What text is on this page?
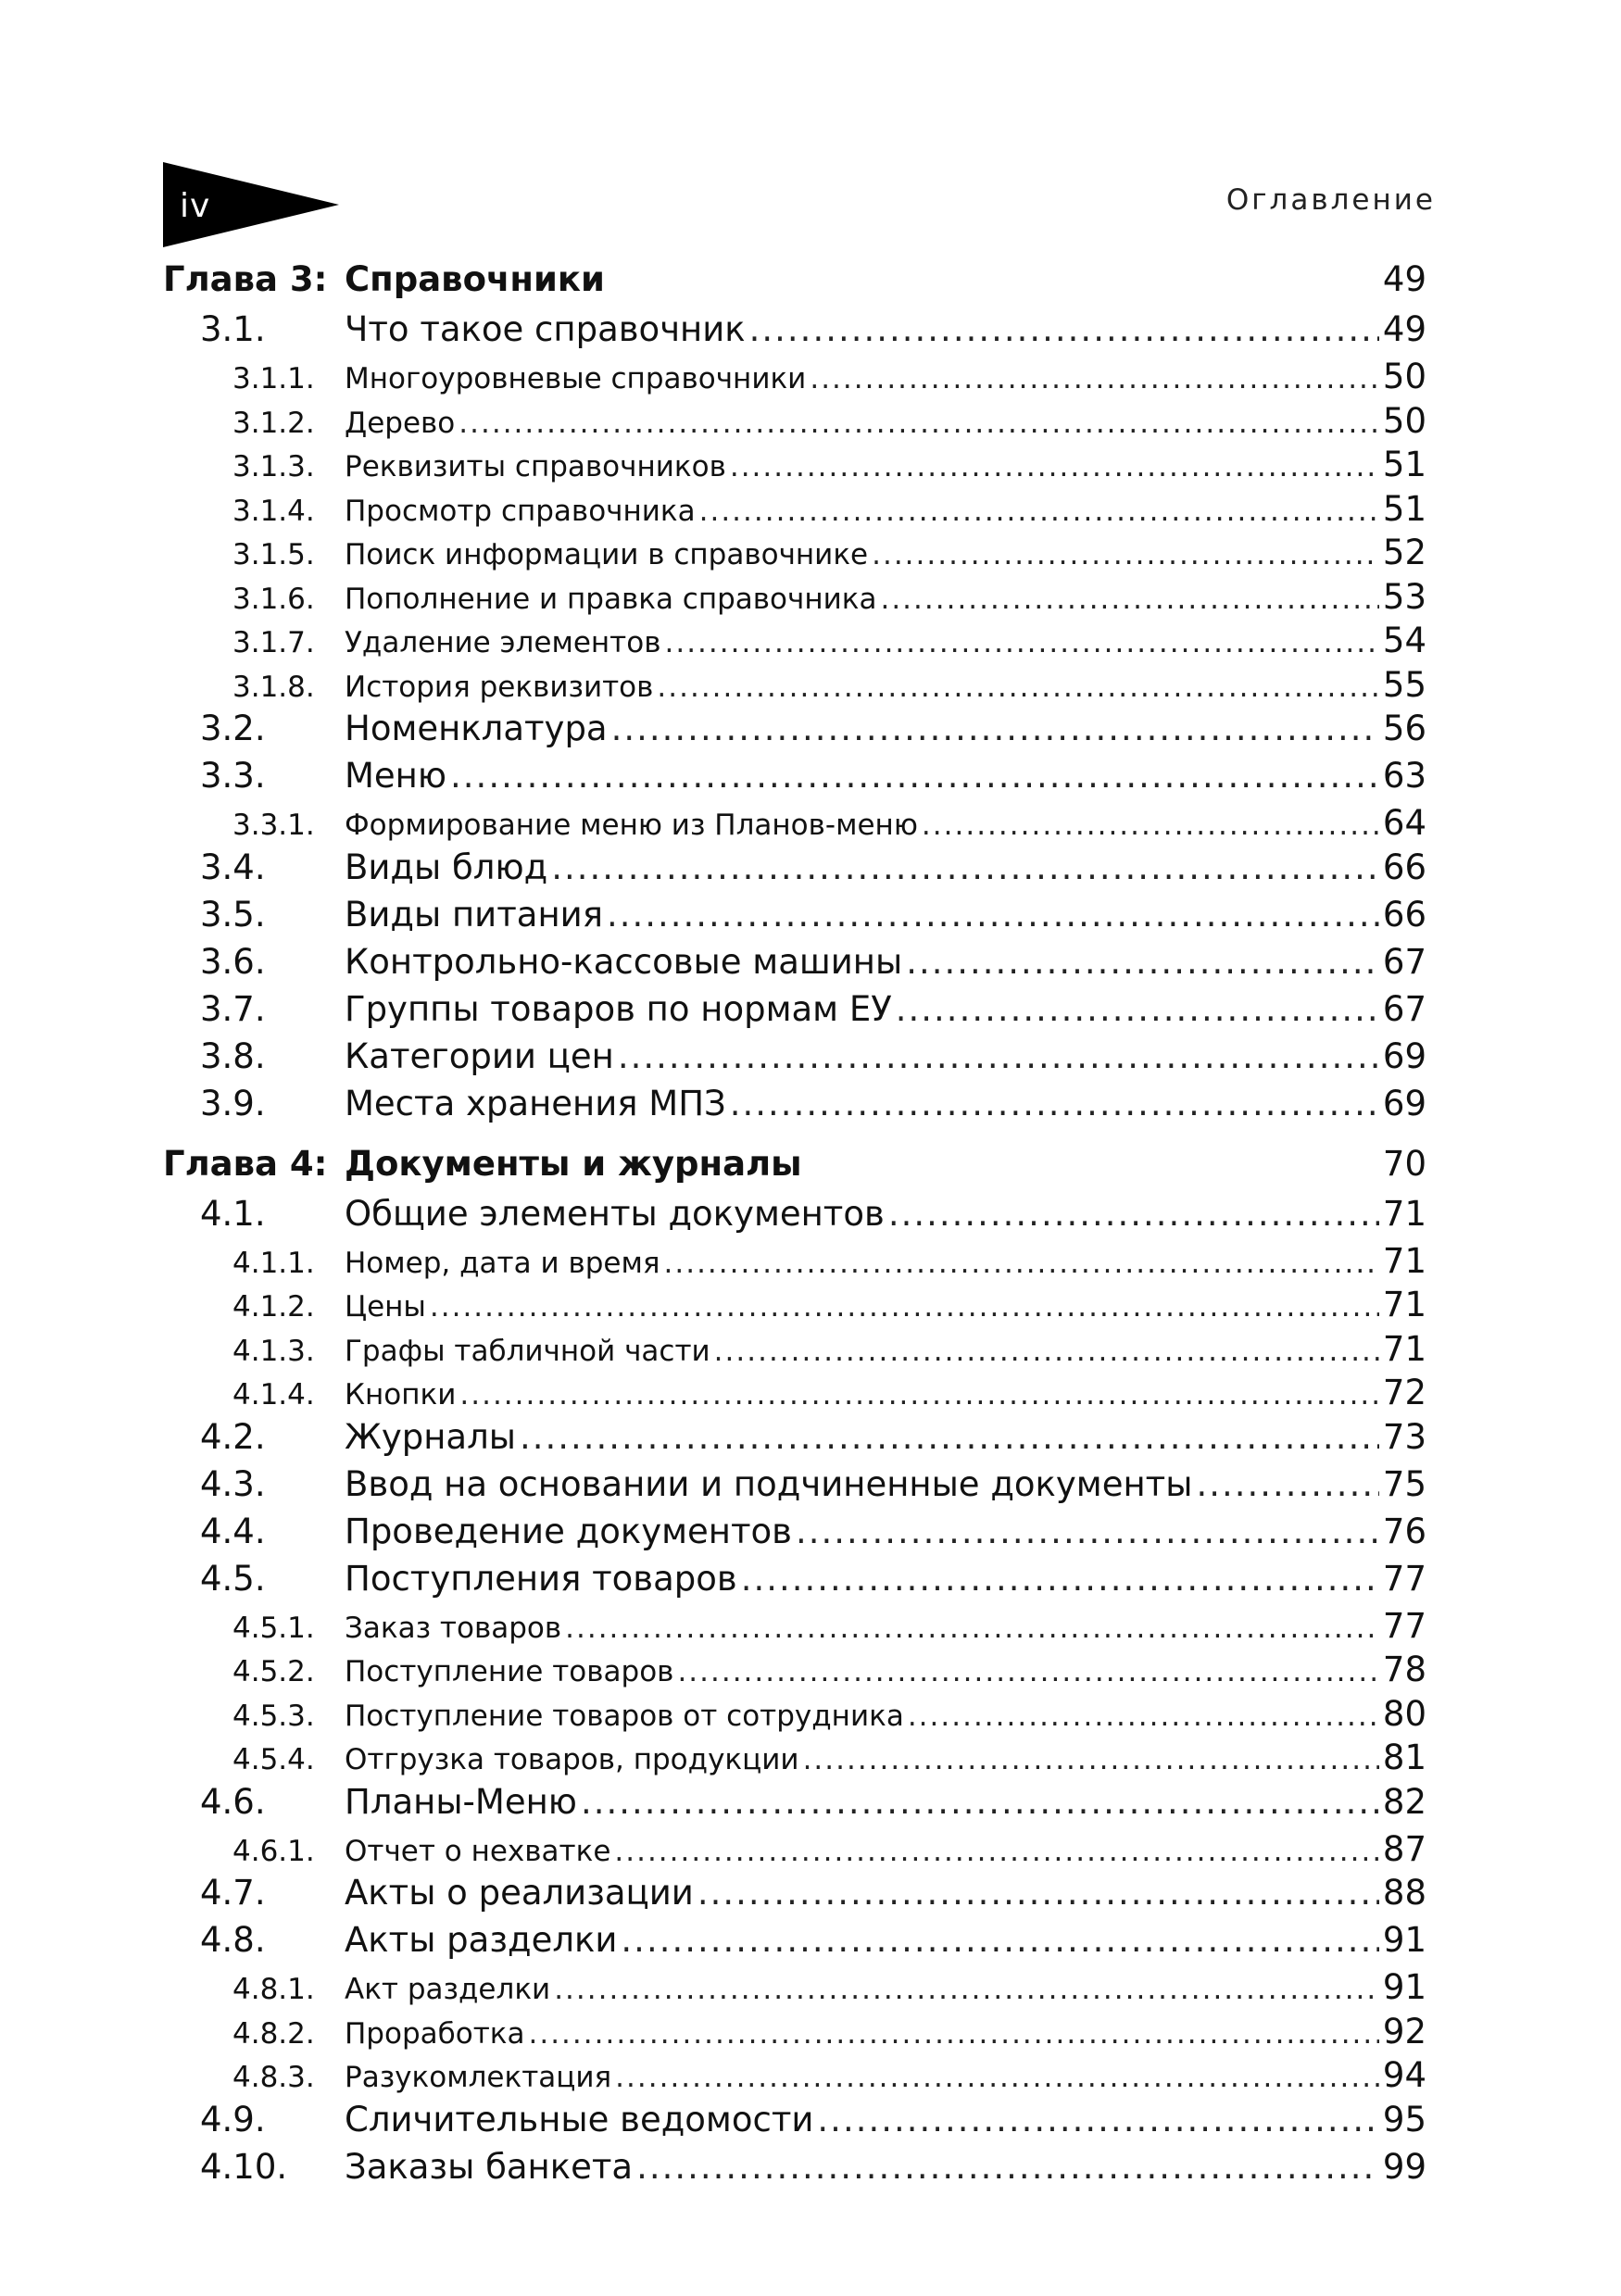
iv	Оглавление
Глава 3: Справочники	49
3.1.	Что такое справочник .....	49
3.1.1.	Многоуровневые справочники .....	50
3.1.2.	Дерево .....	50
3.1.3.	Реквизиты справочников .....	51
3.1.4.	Просмотр справочника .....	51
3.1.5.	Поиск информации в справочнике .....	52
3.1.6.	Пополнение и правка справочника .....	53
3.1.7.	Удаление элементов .....	54
3.1.8.	История реквизитов .....	55
3.2.	Номенклатура .....	56
3.3.	Меню .....	63
3.3.1.	Формирование меню из Планов-меню .....	64
3.4.	Виды блюд .....	66
3.5.	Виды питания .....	66
3.6.	Контрольно-кассовые машины .....	67
3.7.	Группы товаров по нормам ЕУ .....	67
3.8.	Категории цен .....	69
3.9.	Места хранения МПЗ .....	69
Глава 4: Документы и журналы	70
4.1.	Общие элементы документов .....	71
4.1.1.	Номер, дата и время .....	71
4.1.2.	Цены .....	71
4.1.3.	Графы табличной части .....	71
4.1.4.	Кнопки .....	72
4.2.	Журналы .....	73
4.3.	Ввод на основании и подчиненные документы .....	75
4.4.	Проведение документов .....	76
4.5.	Поступления товаров .....	77
4.5.1.	Заказ товаров .....	77
4.5.2.	Поступление товаров .....	78
4.5.3.	Поступление товаров от сотрудника .....	80
4.5.4.	Отгрузка товаров, продукции .....	81
4.6.	Планы-Меню .....	82
4.6.1.	Отчет о нехватке .....	87
4.7.	Акты о реализации .....	88
4.8.	Акты разделки .....	91
4.8.1.	Акт разделки .....	91
4.8.2.	Проработка .....	92
4.8.3.	Разукомлектация .....	94
4.9.	Сличительные ведомости .....	95
4.10.	Заказы банкета .....	99
